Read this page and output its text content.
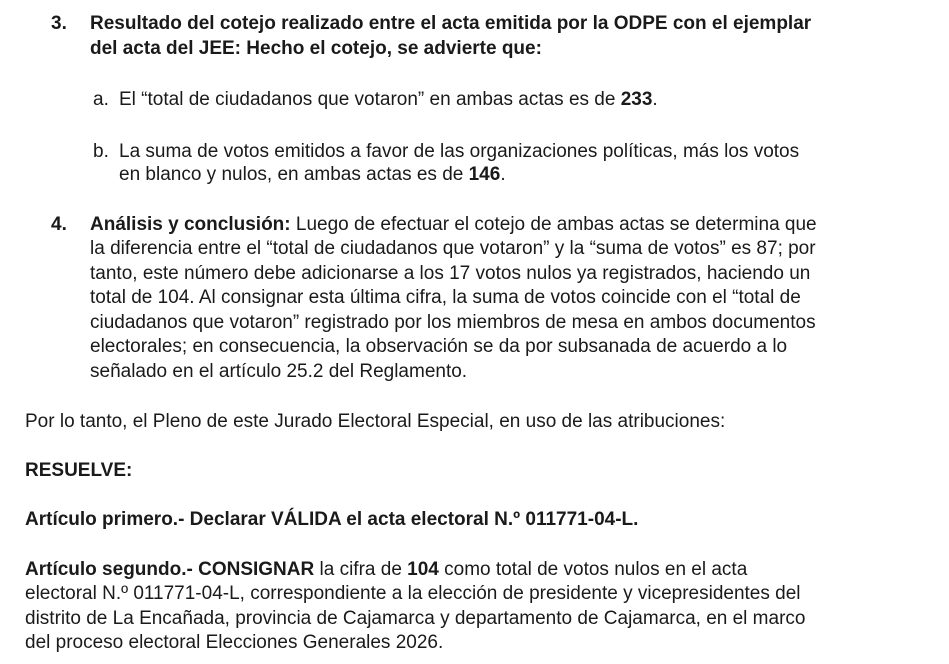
3. Resultado del cotejo realizado entre el acta emitida por la ODPE con el ejemplar
del acta del JEE: Hecho el cotejo, se advierte que:
a. El “total de ciudadanos que votaron” en ambas actas es de 233.
b. La suma de votos emitidos a favor de las organizaciones políticas, más los votos
en blanco y nulos, en ambas actas es de 146.
4. Análisis y conclusión: Luego de efectuar el cotejo de ambas actas se determina que
la diferencia entre el “total de ciudadanos que votaron” y la “suma de votos” es 87; por
tanto, este número debe adicionarse a los 17 votos nulos ya registrados, haciendo un
total de 104. Al consignar esta última cifra, la suma de votos coincide con el “total de
ciudadanos que votaron” registrado por los miembros de mesa en ambos documentos
electorales; en consecuencia, la observación se da por subsanada de acuerdo a lo
señalado en el artículo 25.2 del Reglamento.
Por lo tanto, el Pleno de este Jurado Electoral Especial, en uso de las atribuciones:
RESUELVE:
Artículo primero.- Declarar VÁLIDA el acta electoral N.º 011771-04-L.
Artículo segundo.- CONSIGNAR la cifra de 104 como total de votos nulos en el acta
electoral N.º 011771-04-L, correspondiente a la elección de presidente y vicepresidentes del
distrito de La Encañada, provincia de Cajamarca y departamento de Cajamarca, en el marco
del proceso electoral Elecciones Generales 2026.
